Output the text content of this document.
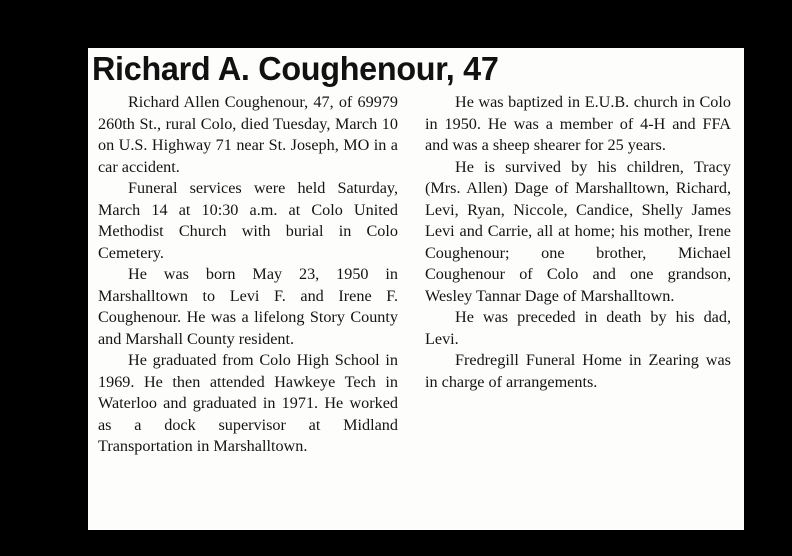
Richard A. Coughenour, 47

Richard Allen Coughenour, 47, of 69979 260th St., rural Colo, died Tuesday, March 10 on U.S. Highway 71 near St. Joseph, MO in a car accident.

Funeral services were held Saturday, March 14 at 10:30 a.m. at Colo United Methodist Church with burial in Colo Cemetery.

He was born May 23, 1950 in Marshalltown to Levi F. and Irene F. Coughenour. He was a lifelong Story County and Marshall County resident.

He graduated from Colo High School in 1969. He then attended Hawkeye Tech in Waterloo and graduated in 1971. He worked as a dock supervisor at Midland Transportation in Marshalltown.

He was baptized in E.U.B. church in Colo in 1950. He was a member of 4-H and FFA and was a sheep shearer for 25 years.

He is survived by his children, Tracy (Mrs. Allen) Dage of Marshalltown, Richard, Levi, Ryan, Niccole, Candice, Shelly James Levi and Carrie, all at home; his mother, Irene Coughenour; one brother, Michael Coughenour of Colo and one grandson, Wesley Tannar Dage of Marshalltown.

He was preceded in death by his dad, Levi.

Fredregill Funeral Home in Zearing was in charge of arrangements.
